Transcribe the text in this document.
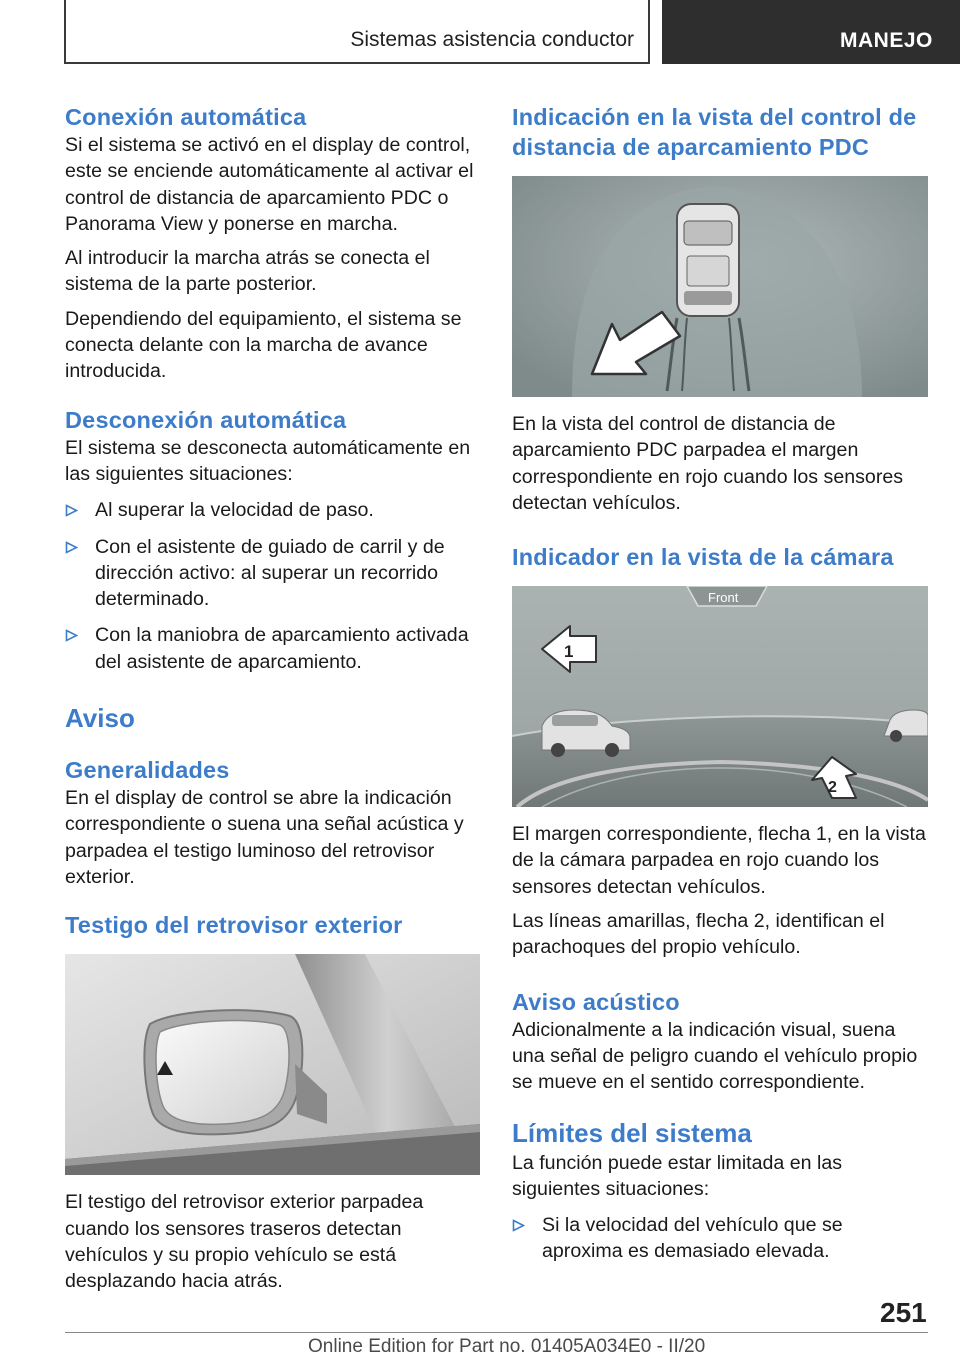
Sistemas asistencia conductor	MANEJO
Conexión automática

Si el sistema se activó en el display de control, este se enciende automáticamente al activar el control de distancia de aparcamiento PDC o Panorama View y ponerse en marcha.

Al introducir la marcha atrás se conecta el sistema de la parte posterior.

Dependiendo del equipamiento, el sistema se conecta delante con la marcha de avance introducida.

Desconexión automática

El sistema se desconecta automáticamente en las siguientes situaciones:

Al superar la velocidad de paso.
Con el asistente de guiado de carril y de dirección activo: al superar un recorrido determinado.
Con la maniobra de aparcamiento activada del asistente de aparcamiento.
Aviso
Generalidades

En el display de control se abre la indicación correspondiente o suena una señal acústica y parpadea el testigo luminoso del retrovisor exterior.

Testigo del retrovisor exterior

El testigo del retrovisor exterior parpadea cuando los sensores traseros detectan vehículos y su propio vehículo se está desplazando hacia atrás.

Indicación en la vista del control de distancia de aparcamiento PDC

En la vista del control de distancia de aparcamiento PDC parpadea el margen correspondiente en rojo cuando los sensores detectan vehículos.

Indicador en la vista de la cámara
Front
1
2

El margen correspondiente, flecha 1, en la vista de la cámara parpadea en rojo cuando los sensores detectan vehículos.

Las líneas amarillas, flecha 2, identifican el parachoques del propio vehículo.

Aviso acústico

Adicionalmente a la indicación visual, suena una señal de peligro cuando el vehículo propio se mueve en el sentido correspondiente.

Límites del sistema

La función puede estar limitada en las siguientes situaciones:

Si la velocidad del vehículo que se aproxima es demasiado elevada.
251
Online Edition for Part no. 01405A034E0 - II/20
